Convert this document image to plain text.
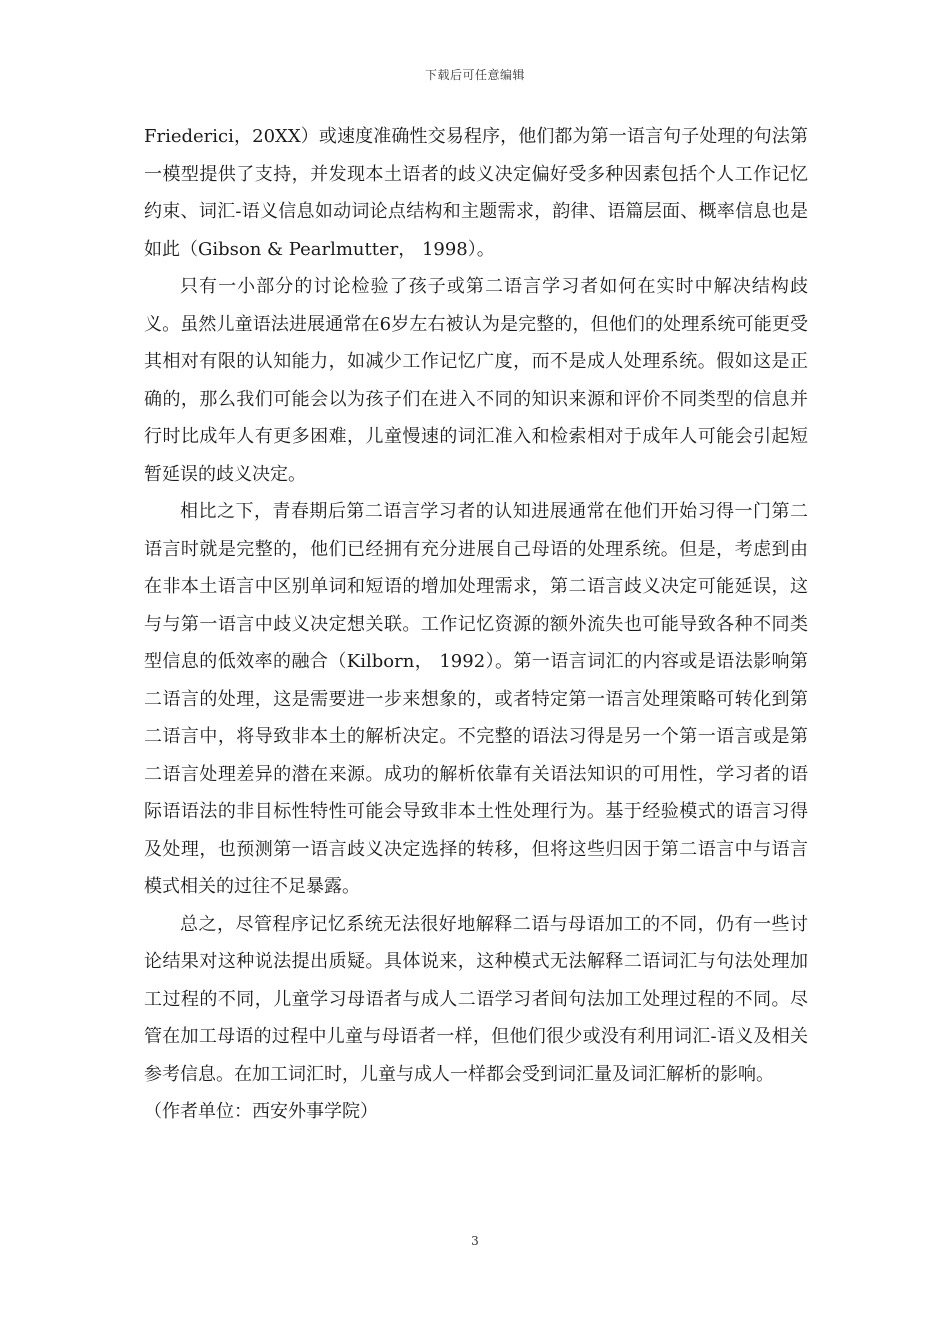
下载后可任意编辑

Friederici，20XX）或速度准确性交易程序，他们都为第一语言句子处理的句法第一模型提供了支持，并发现本土语者的歧义决定偏好受多种因素包括个人工作记忆约束、词汇-语义信息如动词论点结构和主题需求，韵律、语篇层面、概率信息也是如此（Gibson & Pearlmutter， 1998）。

只有一小部分的讨论检验了孩子或第二语言学习者如何在实时中解决结构歧义。虽然儿童语法进展通常在6岁左右被认为是完整的，但他们的处理系统可能更受其相对有限的认知能力，如减少工作记忆广度，而不是成人处理系统。假如这是正确的，那么我们可能会以为孩子们在进入不同的知识来源和评价不同类型的信息并行时比成年人有更多困难，儿童慢速的词汇准入和检索相对于成年人可能会引起短暂延误的歧义决定。

相比之下，青春期后第二语言学习者的认知进展通常在他们开始习得一门第二语言时就是完整的，他们已经拥有充分进展自己母语的处理系统。但是，考虑到由在非本土语言中区别单词和短语的增加处理需求，第二语言歧义决定可能延误，这与与第一语言中歧义决定想关联。工作记忆资源的额外流失也可能导致各种不同类型信息的低效率的融合（Kilborn， 1992）。第一语言词汇的内容或是语法影响第二语言的处理，这是需要进一步来想象的，或者特定第一语言处理策略可转化到第二语言中，将导致非本土的解析决定。不完整的语法习得是另一个第一语言或是第二语言处理差异的潜在来源。成功的解析依靠有关语法知识的可用性，学习者的语际语语法的非目标性特性可能会导致非本土性处理行为。基于经验模式的语言习得及处理，也预测第一语言歧义决定选择的转移，但将这些归因于第二语言中与语言模式相关的过往不足暴露。

总之，尽管程序记忆系统无法很好地解释二语与母语加工的不同，仍有一些讨论结果对这种说法提出质疑。具体说来，这种模式无法解释二语词汇与句法处理加工过程的不同，儿童学习母语者与成人二语学习者间句法加工处理过程的不同。尽管在加工母语的过程中儿童与母语者一样，但他们很少或没有利用词汇-语义及相关参考信息。在加工词汇时，儿童与成人一样都会受到词汇量及词汇解析的影响。

（作者单位：西安外事学院）

3
